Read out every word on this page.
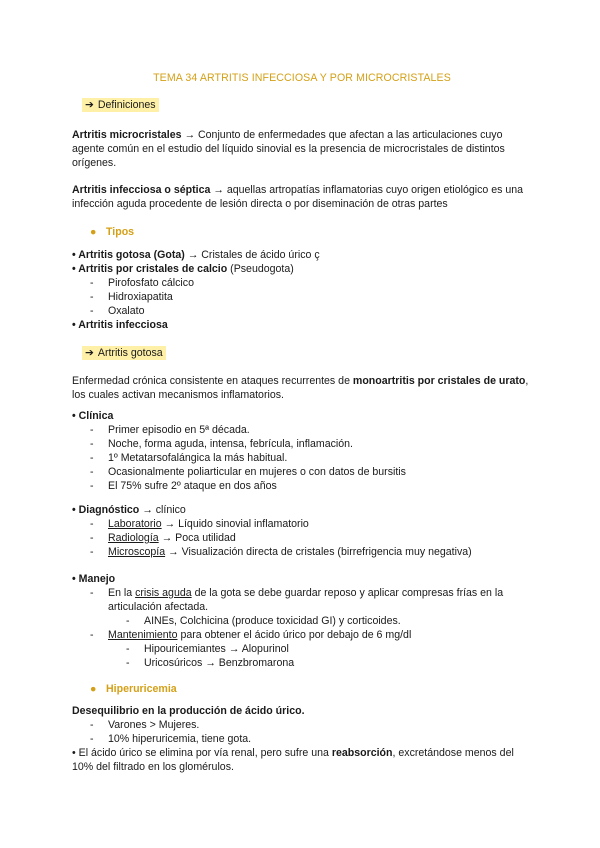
TEMA 34 ARTRITIS INFECCIOSA Y POR MICROCRISTALES
➔ Definiciones
Artritis microcristales → Conjunto de enfermedades que afectan a las articulaciones cuyo agente común en el estudio del líquido sinovial es la presencia de microcristales de distintos orígenes.
Artritis infecciosa o séptica → aquellas artropatías inflamatorias cuyo origen etiológico es una infección aguda procedente de lesión directa o por diseminación de otras partes
● Tipos
• Artritis gotosa (Gota) → Cristales de ácido úrico ç
• Artritis por cristales de calcio (Pseudogota)
- Pirofosfato cálcico
- Hidroxiapatita
- Oxalato
• Artritis infecciosa
➔ Artritis gotosa
Enfermedad crónica consistente en ataques recurrentes de monoartritis por cristales de urato, los cuales activan mecanismos inflamatorios.
• Clínica
- Primer episodio en 5ª década.
- Noche, forma aguda, intensa, febrícula, inflamación.
- 1º Metatarsofalángica la más habitual.
- Ocasionalmente poliarticular en mujeres o con datos de bursitis
- El 75% sufre 2º ataque en dos años
• Diagnóstico → clínico
- Laboratorio → Líquido sinovial inflamatorio
- Radiología → Poca utilidad
- Microscopía → Visualización directa de cristales (birrefrigencia muy negativa)
• Manejo
- En la crisis aguda de la gota se debe guardar reposo y aplicar compresas frías en la articulación afectada.
- AINEs, Colchicina (produce toxicidad GI) y corticoides.
- Mantenimiento para obtener el ácido úrico por debajo de 6 mg/dl
- Hipouricemiantes → Alopurinol
- Uricosúricos → Benzbromarona
● Hiperuricemia
Desequilibrio en la producción de ácido úrico.
- Varones > Mujeres.
- 10% hiperuricemia, tiene gota.
• El ácido úrico se elimina por vía renal, pero sufre una reabsorción, excretándose menos del 10% del filtrado en los glomérulos.
